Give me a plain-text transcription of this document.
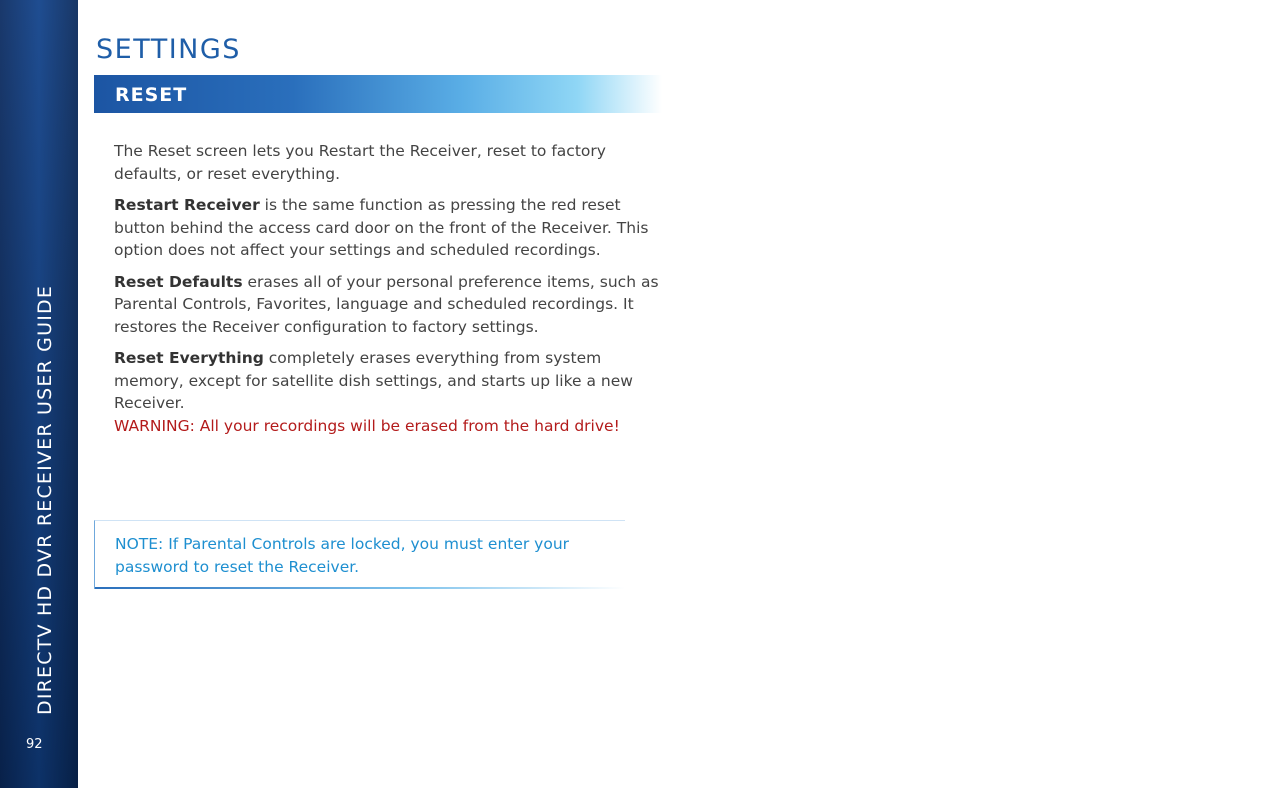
DIRECTV HD DVR RECEIVER USER GUIDE
92
SETTINGS
RESET

The Reset screen lets you Restart the Receiver, reset to factory defaults, or reset everything.

Restart Receiver is the same function as pressing the red reset button behind the access card door on the front of the Receiver. This option does not affect your settings and scheduled recordings.

Reset Defaults erases all of your personal preference items, such as Parental Controls, Favorites, language and scheduled recordings. It restores the Receiver configuration to factory settings.

Reset Everything completely erases everything from system memory, except for satellite dish settings, and starts up like a new Receiver.
WARNING: All your recordings will be erased from the hard drive!

NOTE: If Parental Controls are locked, you must enter your password to reset the Receiver.
